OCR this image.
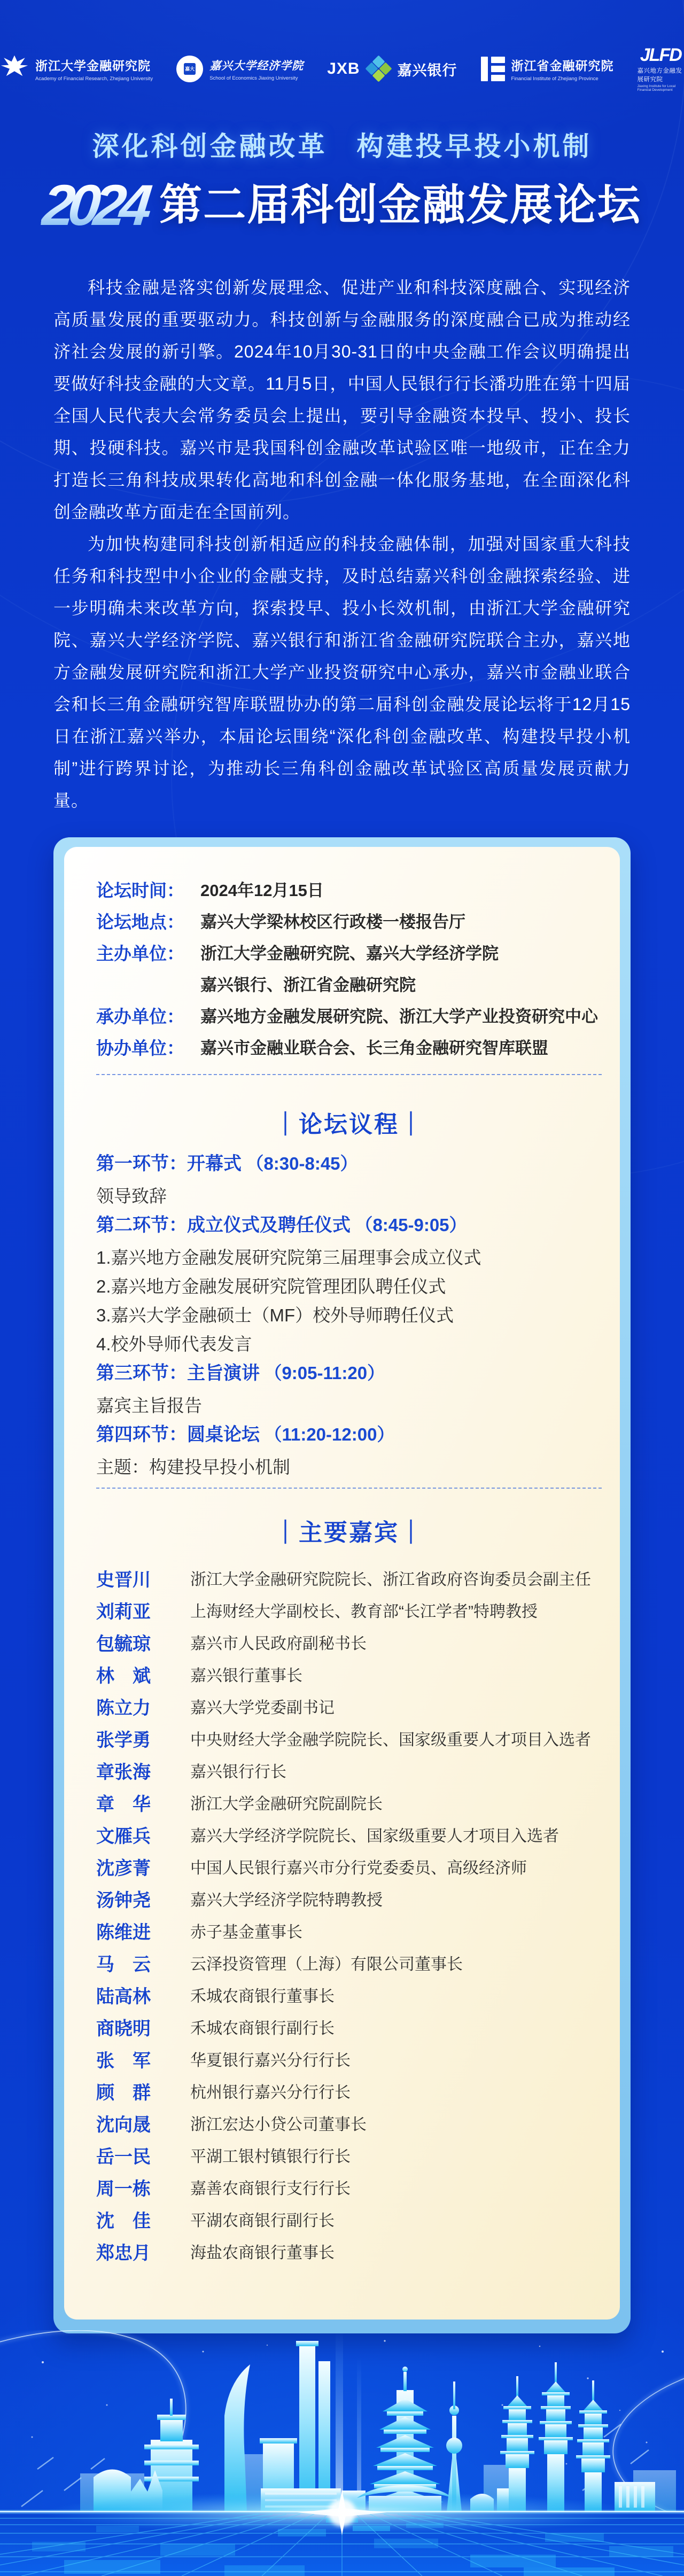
浙江大学金融研究院
Academy of Financial Research, Zhejiang University
嘉大 嘉兴大学经济学院
School of Economics Jiaxing University
JXB	嘉兴银行	浙江省金融研究院
Financial Institute of Zhejiang Province
JLFD
嘉兴地方金融发展研究院
Jiaxing Institute for Local Financial Development
深化科创金融改革　构建投早投小机制
2024 第二届科创金融发展论坛

科技金融是落实创新发展理念、促进产业和科技深度融合、实现经济高质量发展的重要驱动力。科技创新与金融服务的深度融合已成为推动经济社会发展的新引擎。2024年10月30-31日的中央金融工作会议明确提出要做好科技金融的大文章。11月5日，中国人民银行行长潘功胜在第十四届全国人民代表大会常务委员会上提出，要引导金融资本投早、投小、投长期、投硬科技。嘉兴市是我国科创金融改革试验区唯一地级市，正在全力打造长三角科技成果转化高地和科创金融一体化服务基地，在全面深化科创金融改革方面走在全国前列。

为加快构建同科技创新相适应的科技金融体制，加强对国家重大科技任务和科技型中小企业的金融支持，及时总结嘉兴科创金融探索经验、进一步明确未来改革方向，探索投早、投小长效机制，由浙江大学金融研究院、嘉兴大学经济学院、嘉兴银行和浙江省金融研究院联合主办，嘉兴地方金融发展研究院和浙江大学产业投资研究中心承办，嘉兴市金融业联合会和长三角金融研究智库联盟协办的第二届科创金融发展论坛将于12月15日在浙江嘉兴举办，本届论坛围绕“深化科创金融改革、构建投早投小机制”进行跨界讨论，为推动长三角科创金融改革试验区高质量发展贡献力量。

论坛时间： 2024年12月15日
论坛地点： 嘉兴大学梁林校区行政楼一楼报告厅
主办单位： 浙江大学金融研究院、嘉兴大学经济学院
嘉兴银行、浙江省金融研究院
承办单位： 嘉兴地方金融发展研究院、浙江大学产业投资研究中心
协办单位： 嘉兴市金融业联合会、长三角金融研究智库联盟
｜论坛议程｜
第一环节：开幕式 （8:30-8:45）
领导致辞
第二环节：成立仪式及聘任仪式 （8:45-9:05）
1.嘉兴地方金融发展研究院第三届理事会成立仪式
2.嘉兴地方金融发展研究院管理团队聘任仪式
3.嘉兴大学金融硕士（MF）校外导师聘任仪式
4.校外导师代表发言
第三环节：主旨演讲 （9:05-11:20）
嘉宾主旨报告
第四环节：圆桌论坛 （11:20-12:00）
主题：构建投早投小机制
｜主要嘉宾｜
史晋川	浙江大学金融研究院院长、浙江省政府咨询委员会副主任
刘莉亚	上海财经大学副校长、教育部“长江学者”特聘教授
包毓琼	嘉兴市人民政府副秘书长
林　斌	嘉兴银行董事长
陈立力	嘉兴大学党委副书记
张学勇	中央财经大学金融学院院长、国家级重要人才项目入选者
章张海	嘉兴银行行长
章　华	浙江大学金融研究院副院长
文雁兵	嘉兴大学经济学院院长、国家级重要人才项目入选者
沈彦菁	中国人民银行嘉兴市分行党委委员、高级经济师
汤钟尧	嘉兴大学经济学院特聘教授
陈维进	赤子基金董事长
马　云	云泽投资管理（上海）有限公司董事长
陆高林	禾城农商银行董事长
商晓明	禾城农商银行副行长
张　军	华夏银行嘉兴分行行长
顾　群	杭州银行嘉兴分行行长
沈向晟	浙江宏达小贷公司董事长
岳一民	平湖工银村镇银行行长
周一栋	嘉善农商银行支行行长
沈　佳	平湖农商银行副行长
郑忠月	海盐农商银行董事长
